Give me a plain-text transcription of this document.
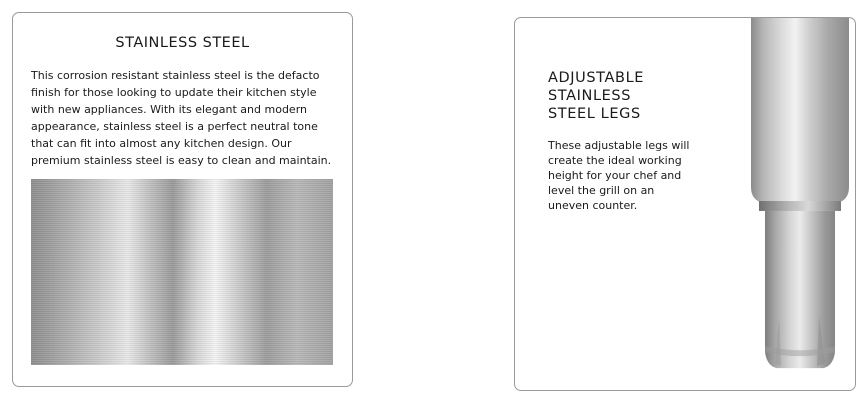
STAINLESS STEEL
This corrosion resistant stainless steel is the defacto
finish for those looking to update their kitchen style
with new appliances. With its elegant and modern
appearance, stainless steel is a perfect neutral tone
that can fit into almost any kitchen design. Our
premium stainless steel is easy to clean and maintain.
ADJUSTABLE
STAINLESS
STEEL LEGS
These adjustable legs will
create the ideal working
height for your chef and
level the grill on an
uneven counter.
